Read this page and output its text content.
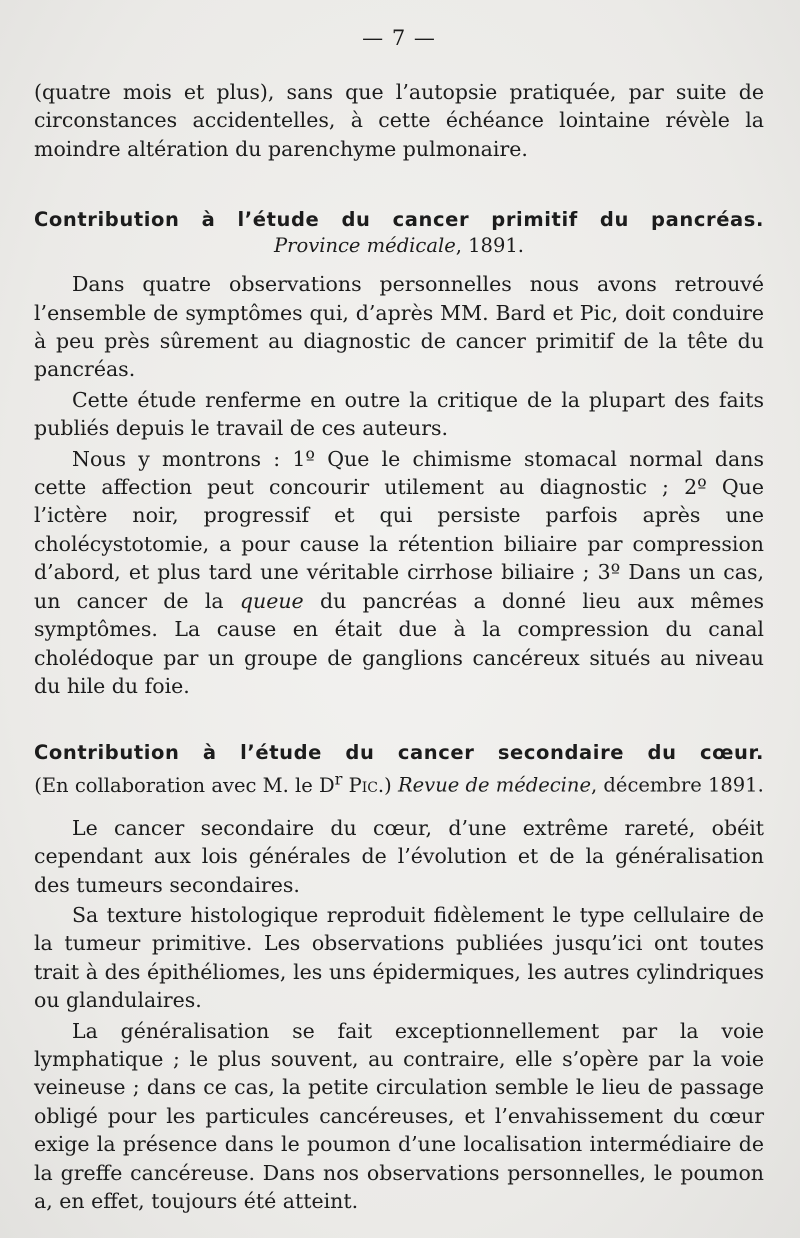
— 7 —

(quatre mois et plus), sans que l’autopsie pratiquée, par suite de circonstances accidentelles, à cette échéance lointaine révèle la moindre altération du parenchyme pulmonaire.

Contribution à l’étude du cancer primitif du pancréas.
Province médicale, 1891.

Dans quatre observations personnelles nous avons retrouvé l’ensemble de symptômes qui, d’après MM. Bard et Pic, doit conduire à peu près sûrement au diagnostic de cancer primitif de la tête du pancréas.

Cette étude renferme en outre la critique de la plupart des faits publiés depuis le travail de ces auteurs.

Nous y montrons : 1º Que le chimisme stomacal normal dans cette affection peut concourir utilement au diagnostic ; 2º Que l’ictère noir, progressif et qui persiste parfois après une cholécystotomie, a pour cause la rétention biliaire par compression d’abord, et plus tard une véritable cirrhose biliaire ; 3º Dans un cas, un cancer de la queue du pancréas a donné lieu aux mêmes symptômes. La cause en était due à la compression du canal cholédoque par un groupe de ganglions cancéreux situés au niveau du hile du foie.

Contribution à l’étude du cancer secondaire du cœur.
(En collaboration avec M. le $D^r$ Pic.) Revue de médecine, décembre 1891.

Le cancer secondaire du cœur, d’une extrême rareté, obéit cependant aux lois générales de l’évolution et de la généralisation des tumeurs secondaires.

Sa texture histologique reproduit fidèlement le type cellulaire de la tumeur primitive. Les observations publiées jusqu’ici ont toutes trait à des épithéliomes, les uns épidermiques, les autres cylindriques ou glandulaires.

La généralisation se fait exceptionnellement par la voie lymphatique ; le plus souvent, au contraire, elle s’opère par la voie veineuse ; dans ce cas, la petite circulation semble le lieu de passage obligé pour les particules cancéreuses, et l’envahissement du cœur exige la présence dans le poumon d’une localisation intermédiaire de la greffe cancéreuse. Dans nos observations personnelles, le poumon a, en effet, toujours été atteint.
